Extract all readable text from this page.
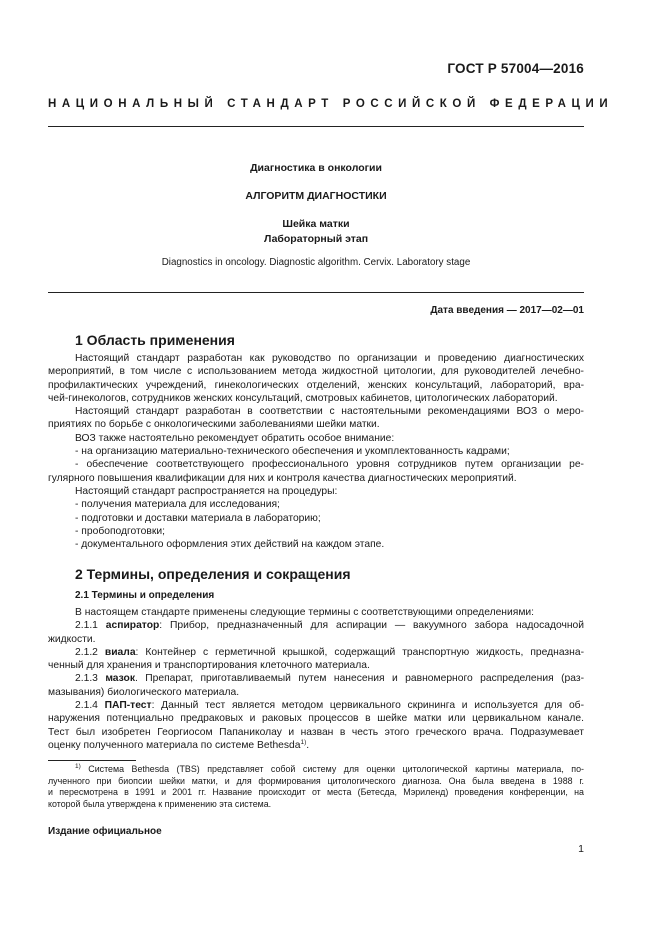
ГОСТ Р 57004—2016
НАЦИОНАЛЬНЫЙ СТАНДАРТ РОССИЙСКОЙ ФЕДЕРАЦИИ
Диагностика в онкологии
АЛГОРИТМ ДИАГНОСТИКИ
Шейка матки
Лабораторный этап
Diagnostics in oncology. Diagnostic algorithm. Cervix. Laboratory stage
Дата введения — 2017—02—01
1 Область применения

Настоящий стандарт разработан как руководство по организации и проведению диагностических

мероприятий, в том числе с использованием метода жидкостной цитологии, для руководителей лечебно-

профилактических учреждений, гинекологических отделений, женских консультаций, лабораторий, вра-

чей-гинекологов, сотрудников женских консультаций, смотровых кабинетов, цитологических лабораторий.

Настоящий стандарт разработан в соответствии с настоятельными рекомендациями ВОЗ о меро-

приятиях по борьбе с онкологическими заболеваниями шейки матки.

ВОЗ также настоятельно рекомендует обратить особое внимание:

- на организацию материально-технического обеспечения и укомплектованность кадрами;

- обеспечение соответствующего профессионального уровня сотрудников путем организации ре-

гулярного повышения квалификации для них и контроля качества диагностических мероприятий.

Настоящий стандарт распространяется на процедуры:

- получения материала для исследования;

- подготовки и доставки материала в лабораторию;

- пробоподготовки;

- документального оформления этих действий на каждом этапе.

2 Термины, определения и сокращения
2.1 Термины и определения

В настоящем стандарте применены следующие термины с соответствующими определениями:

2.1.1 аспиратор: Прибор, предназначенный для аспирации — вакуумного забора надосадочной

жидкости.

2.1.2 виала: Контейнер с герметичной крышкой, содержащий транспортную жидкость, предназна-

ченный для хранения и транспортирования клеточного материала.

2.1.3 мазок. Препарат, приготавливаемый путем нанесения и равномерного распределения (раз-

мазывания) биологического материала.

2.1.4 ПАП-тест: Данный тест является методом цервикального скрининга и используется для об-

наружения потенциально предраковых и раковых процессов в шейке матки или цервикальном канале.

Тест был изобретен Георгиосом Папаниколау и назван в честь этого греческого врача. Подразумевает

оценку полученного материала по системе Bethesda$^{1)}$.

$^{1)}$ Система Bethesda (TBS) представляет собой систему для оценки цитологической картины материала, по-

лученного при биопсии шейки матки, и для формирования цитологического диагноза. Она была введена в 1988 г.

и пересмотрена в 1991 и 2001 гг. Название происходит от места (Бетесда, Мэриленд) проведения конференции, на

которой была утверждена к применению эта система.

Издание официальное
1
